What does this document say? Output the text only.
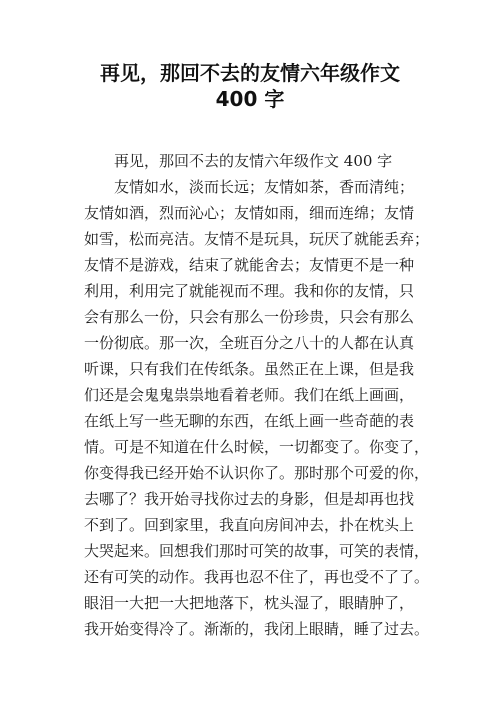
再见，那回不去的友情六年级作文
400 字
再见，那回不去的友情六年级作文 400 字
友情如水，淡而长远；友情如茶，香而清纯；
友情如酒，烈而沁心；友情如雨，细而连绵；友情
如雪，松而亮洁。友情不是玩具，玩厌了就能丢弃；
友情不是游戏，结束了就能舍去；友情更不是一种
利用，利用完了就能视而不理。我和你的友情，只
会有那么一份，只会有那么一份珍贵，只会有那么
一份彻底。那一次，全班百分之八十的人都在认真
听课，只有我们在传纸条。虽然正在上课，但是我
们还是会鬼鬼祟祟地看着老师。我们在纸上画画，
在纸上写一些无聊的东西，在纸上画一些奇葩的表
情。可是不知道在什么时候，一切都变了。你变了，
你变得我已经开始不认识你了。那时那个可爱的你，
去哪了？我开始寻找你过去的身影，但是却再也找
不到了。回到家里，我直向房间冲去，扑在枕头上
大哭起来。回想我们那时可笑的故事，可笑的表情，
还有可笑的动作。我再也忍不住了，再也受不了了。
眼泪一大把一大把地落下，枕头湿了，眼睛肿了，
我开始变得冷了。渐渐的，我闭上眼睛，睡了过去。
